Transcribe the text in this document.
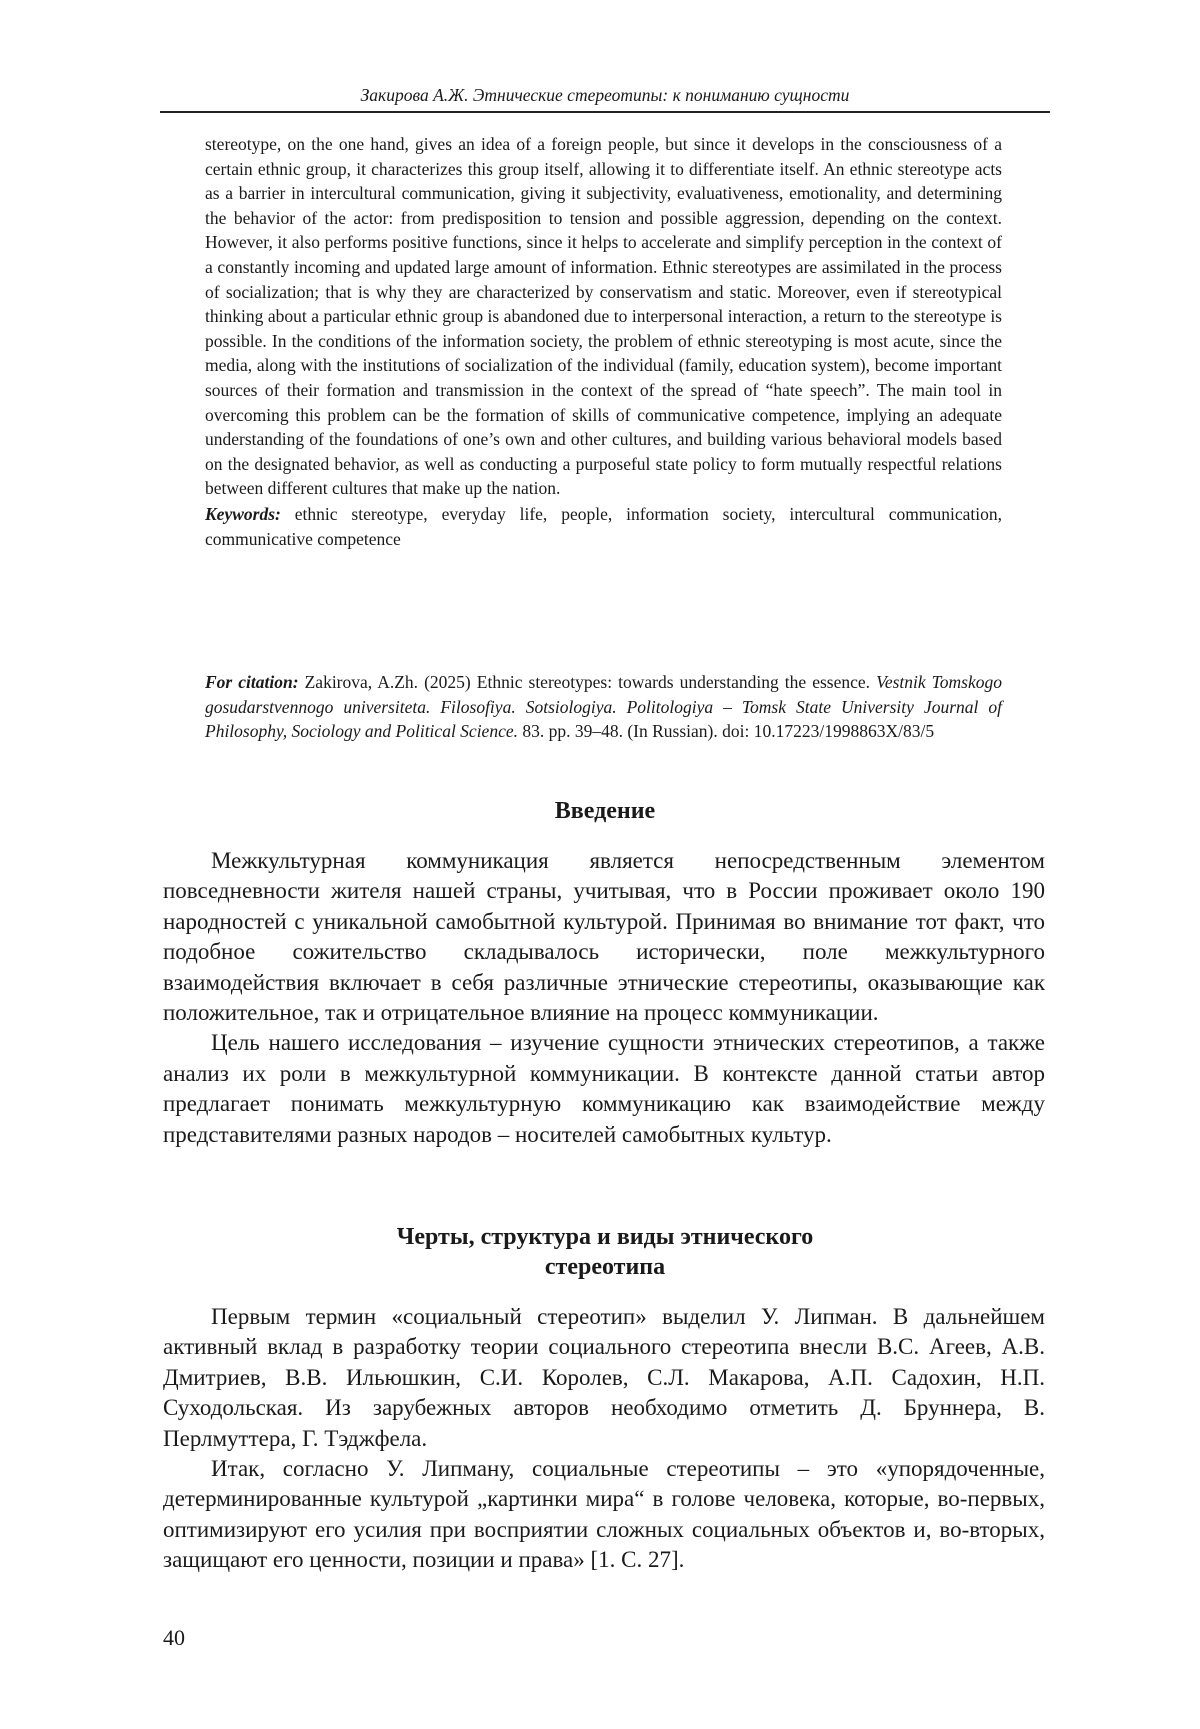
Закирова А.Ж. Этнические стереотипы: к пониманию сущности

stereotype, on the one hand, gives an idea of a foreign people, but since it develops in the consciousness of a certain ethnic group, it characterizes this group itself, allowing it to differentiate itself. An ethnic stereotype acts as a barrier in intercultural communication, giving it subjectivity, evaluativeness, emotionality, and determining the behavior of the actor: from predisposition to tension and possible aggression, depending on the context. However, it also performs positive functions, since it helps to accelerate and simplify perception in the context of a constantly incoming and updated large amount of information. Ethnic stereotypes are assimilated in the process of socialization; that is why they are characterized by conservatism and static. Moreover, even if stereotypical thinking about a particular ethnic group is abandoned due to interpersonal interaction, a return to the stereotype is possible. In the conditions of the information society, the problem of ethnic stereotyping is most acute, since the media, along with the institutions of socialization of the individual (family, education system), become important sources of their formation and transmission in the context of the spread of “hate speech”. The main tool in overcoming this problem can be the formation of skills of communicative competence, implying an adequate understanding of the foundations of one’s own and other cultures, and building various behavioral models based on the designated behavior, as well as conducting a purposeful state policy to form mutually respectful relations between different cultures that make up the nation.

Keywords: ethnic stereotype, everyday life, people, information society, intercultural communication, communicative competence

For citation: Zakirova, A.Zh. (2025) Ethnic stereotypes: towards understanding the essence. Vestnik Tomskogo gosudarstvennogo universiteta. Filosofiya. Sotsiologiya. Politologiya – Tomsk State University Journal of Philosophy, Sociology and Political Science. 83. pp. 39–48. (In Russian). doi: 10.17223/1998863X/83/5

Введение

Межкультурная коммуникация является непосредственным элементом повседневности жителя нашей страны, учитывая, что в России проживает около 190 народностей с уникальной самобытной культурой. Принимая во внимание тот факт, что подобное сожительство складывалось исторически, поле межкультурного взаимодействия включает в себя различные этнические стереотипы, оказывающие как положительное, так и отрицательное влияние на процесс коммуникации.

Цель нашего исследования – изучение сущности этнических стереотипов, а также анализ их роли в межкультурной коммуникации. В контексте данной статьи автор предлагает понимать межкультурную коммуникацию как взаимодействие между представителями разных народов – носителей самобытных культур.

Черты, структура и виды этнического
стереотипа

Первым термин «социальный стереотип» выделил У. Липман. В дальнейшем активный вклад в разработку теории социального стереотипа внесли В.С. Агеев, А.В. Дмитриев, В.В. Ильюшкин, С.И. Королев, С.Л. Макарова, А.П. Садохин, Н.П. Суходольская. Из зарубежных авторов необходимо отметить Д. Бруннера, В. Перлмуттера, Г. Тэджфела.

Итак, согласно У. Липману, социальные стереотипы – это «упорядоченные, детерминированные культурой „картинки мира“ в голове человека, которые, во-первых, оптимизируют его усилия при восприятии сложных социальных объектов и, во-вторых, защищают его ценности, позиции и права» [1. С. 27].

40
